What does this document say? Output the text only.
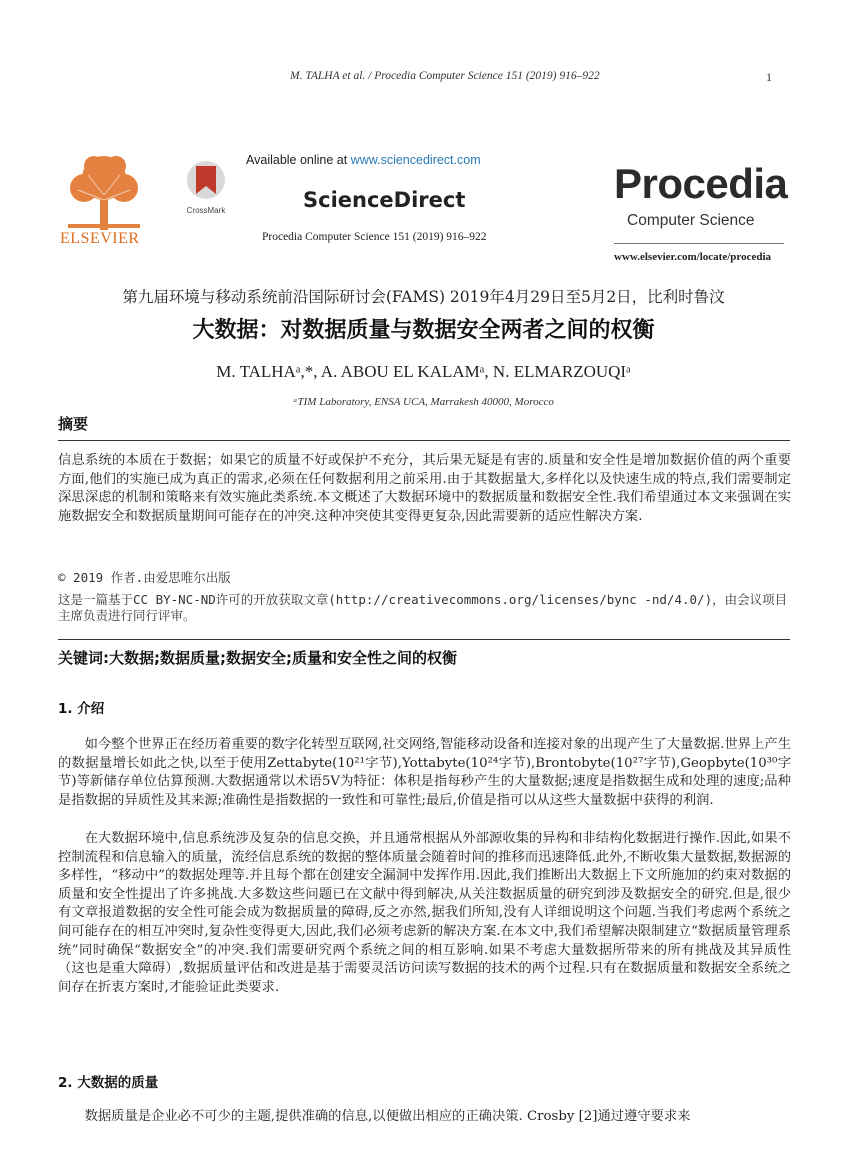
M. TALHA et al. / Procedia Computer Science 151 (2019) 916–922	1
ELSEVIER
CrossMark
Available online at www.sciencedirect.com
ScienceDirect
Procedia Computer Science 151 (2019) 916–922
Procedia
Computer Science
www.elsevier.com/locate/procedia
第九届环境与移动系统前沿国际研讨会(FAMS) 2019年4月29日至5月2日，比利时鲁汶
大数据：对数据质量与数据安全两者之间的权衡
M. TALHAᵃ,*, A. ABOU EL KALAMᵃ, N. ELMARZOUQIᵃ
ᵃTIM Laboratory, ENSA UCA, Marrakesh 40000, Morocco
摘要
信息系统的本质在于数据；如果它的质量不好或保护不充分，其后果无疑是有害的.质量和安全性是增加数据价值的两个重要方面,他们的实施已成为真正的需求,必须在任何数据利用之前采用.由于其数据量大,多样化以及快速生成的特点,我们需要制定深思深虑的机制和策略来有效实施此类系统.本文概述了大数据环境中的数据质量和数据安全性.我们希望通过本文来强调在实施数据安全和数据质量期间可能存在的冲突.这种冲突使其变得更复杂,因此需要新的适应性解决方案.
© 2019 作者.由爱思唯尔出版
这是一篇基于CC BY-NC-ND许可的开放获取文章(http://creativecommons.org/licenses/bync -nd/4.0/)，由会议项目主席负责进行同行评审。
关键词:大数据;数据质量;数据安全;质量和安全性之间的权衡
1. 介绍
如今整个世界正在经历着重要的数字化转型互联网,社交网络,智能移动设备和连接对象的出现产生了大量数据.世界上产生的数据量增长如此之快,以至于使用Zettabyte(10²¹字节),Yottabyte(10²⁴字节),Brontobyte(10²⁷字节),Geopbyte(10³⁰字节)等新储存单位估算预测.大数据通常以术语5V为特征：体积是指每秒产生的大量数据;速度是指数据生成和处理的速度;品种是指数据的异质性及其来源;准确性是指数据的一致性和可靠性;最后,价值是指可以从这些大量数据中获得的利润.
在大数据环境中,信息系统涉及复杂的信息交换，并且通常根据从外部源收集的异构和非结构化数据进行操作.因此,如果不控制流程和信息输入的质量，流经信息系统的数据的整体质量会随着时间的推移而迅速降低.此外,不断收集大量数据,数据源的多样性，“移动中”的数据处理等.并且每个都在创建安全漏洞中发挥作用.因此,我们推断出大数据上下文所施加的约束对数据的质量和安全性提出了许多挑战.大多数这些问题已在文献中得到解决,从关注数据质量的研究到涉及数据安全的研究.但是,很少有文章报道数据的安全性可能会成为数据质量的障碍,反之亦然,据我们所知,没有人详细说明这个问题.当我们考虑两个系统之间可能存在的相互冲突时,复杂性变得更大,因此,我们必须考虑新的解决方案.在本文中,我们希望解决限制建立“数据质量管理系统”同时确保“数据安全”的冲突.我们需要研究两个系统之间的相互影响.如果不考虑大量数据所带来的所有挑战及其异质性（这也是重大障碍）,数据质量评估和改进是基于需要灵活访问读写数据的技术的两个过程.只有在数据质量和数据安全系统之间存在折衷方案时,才能验证此类要求.
2. 大数据的质量
数据质量是企业必不可少的主题,提供准确的信息,以便做出相应的正确决策. Crosby [2]通过遵守要求来
